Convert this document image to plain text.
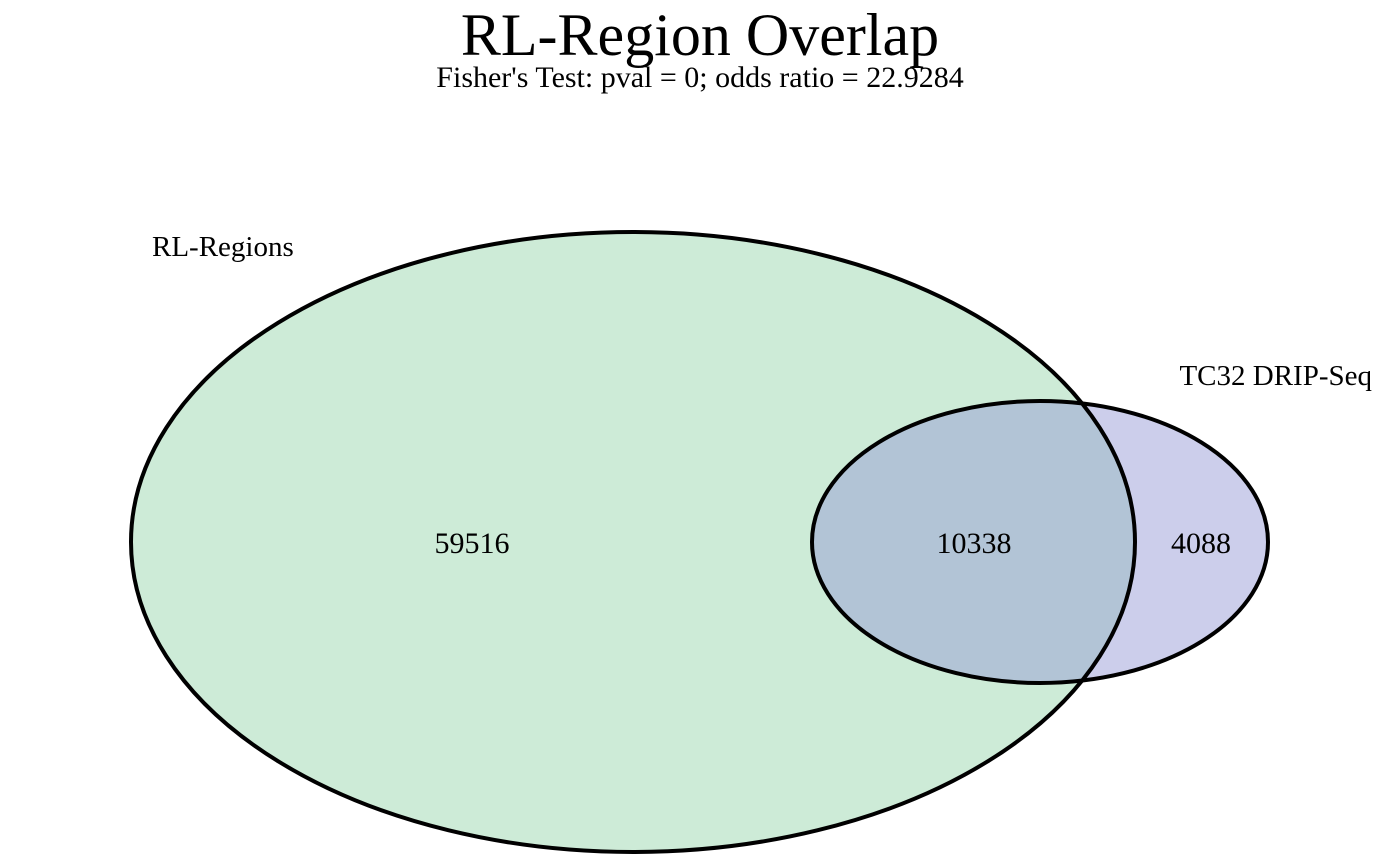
RL-Region Overlap
Fisher's Test: pval = 0; odds ratio = 22.9284
RL-Regions
TC32 DRIP-Seq
59516	10338	4088
